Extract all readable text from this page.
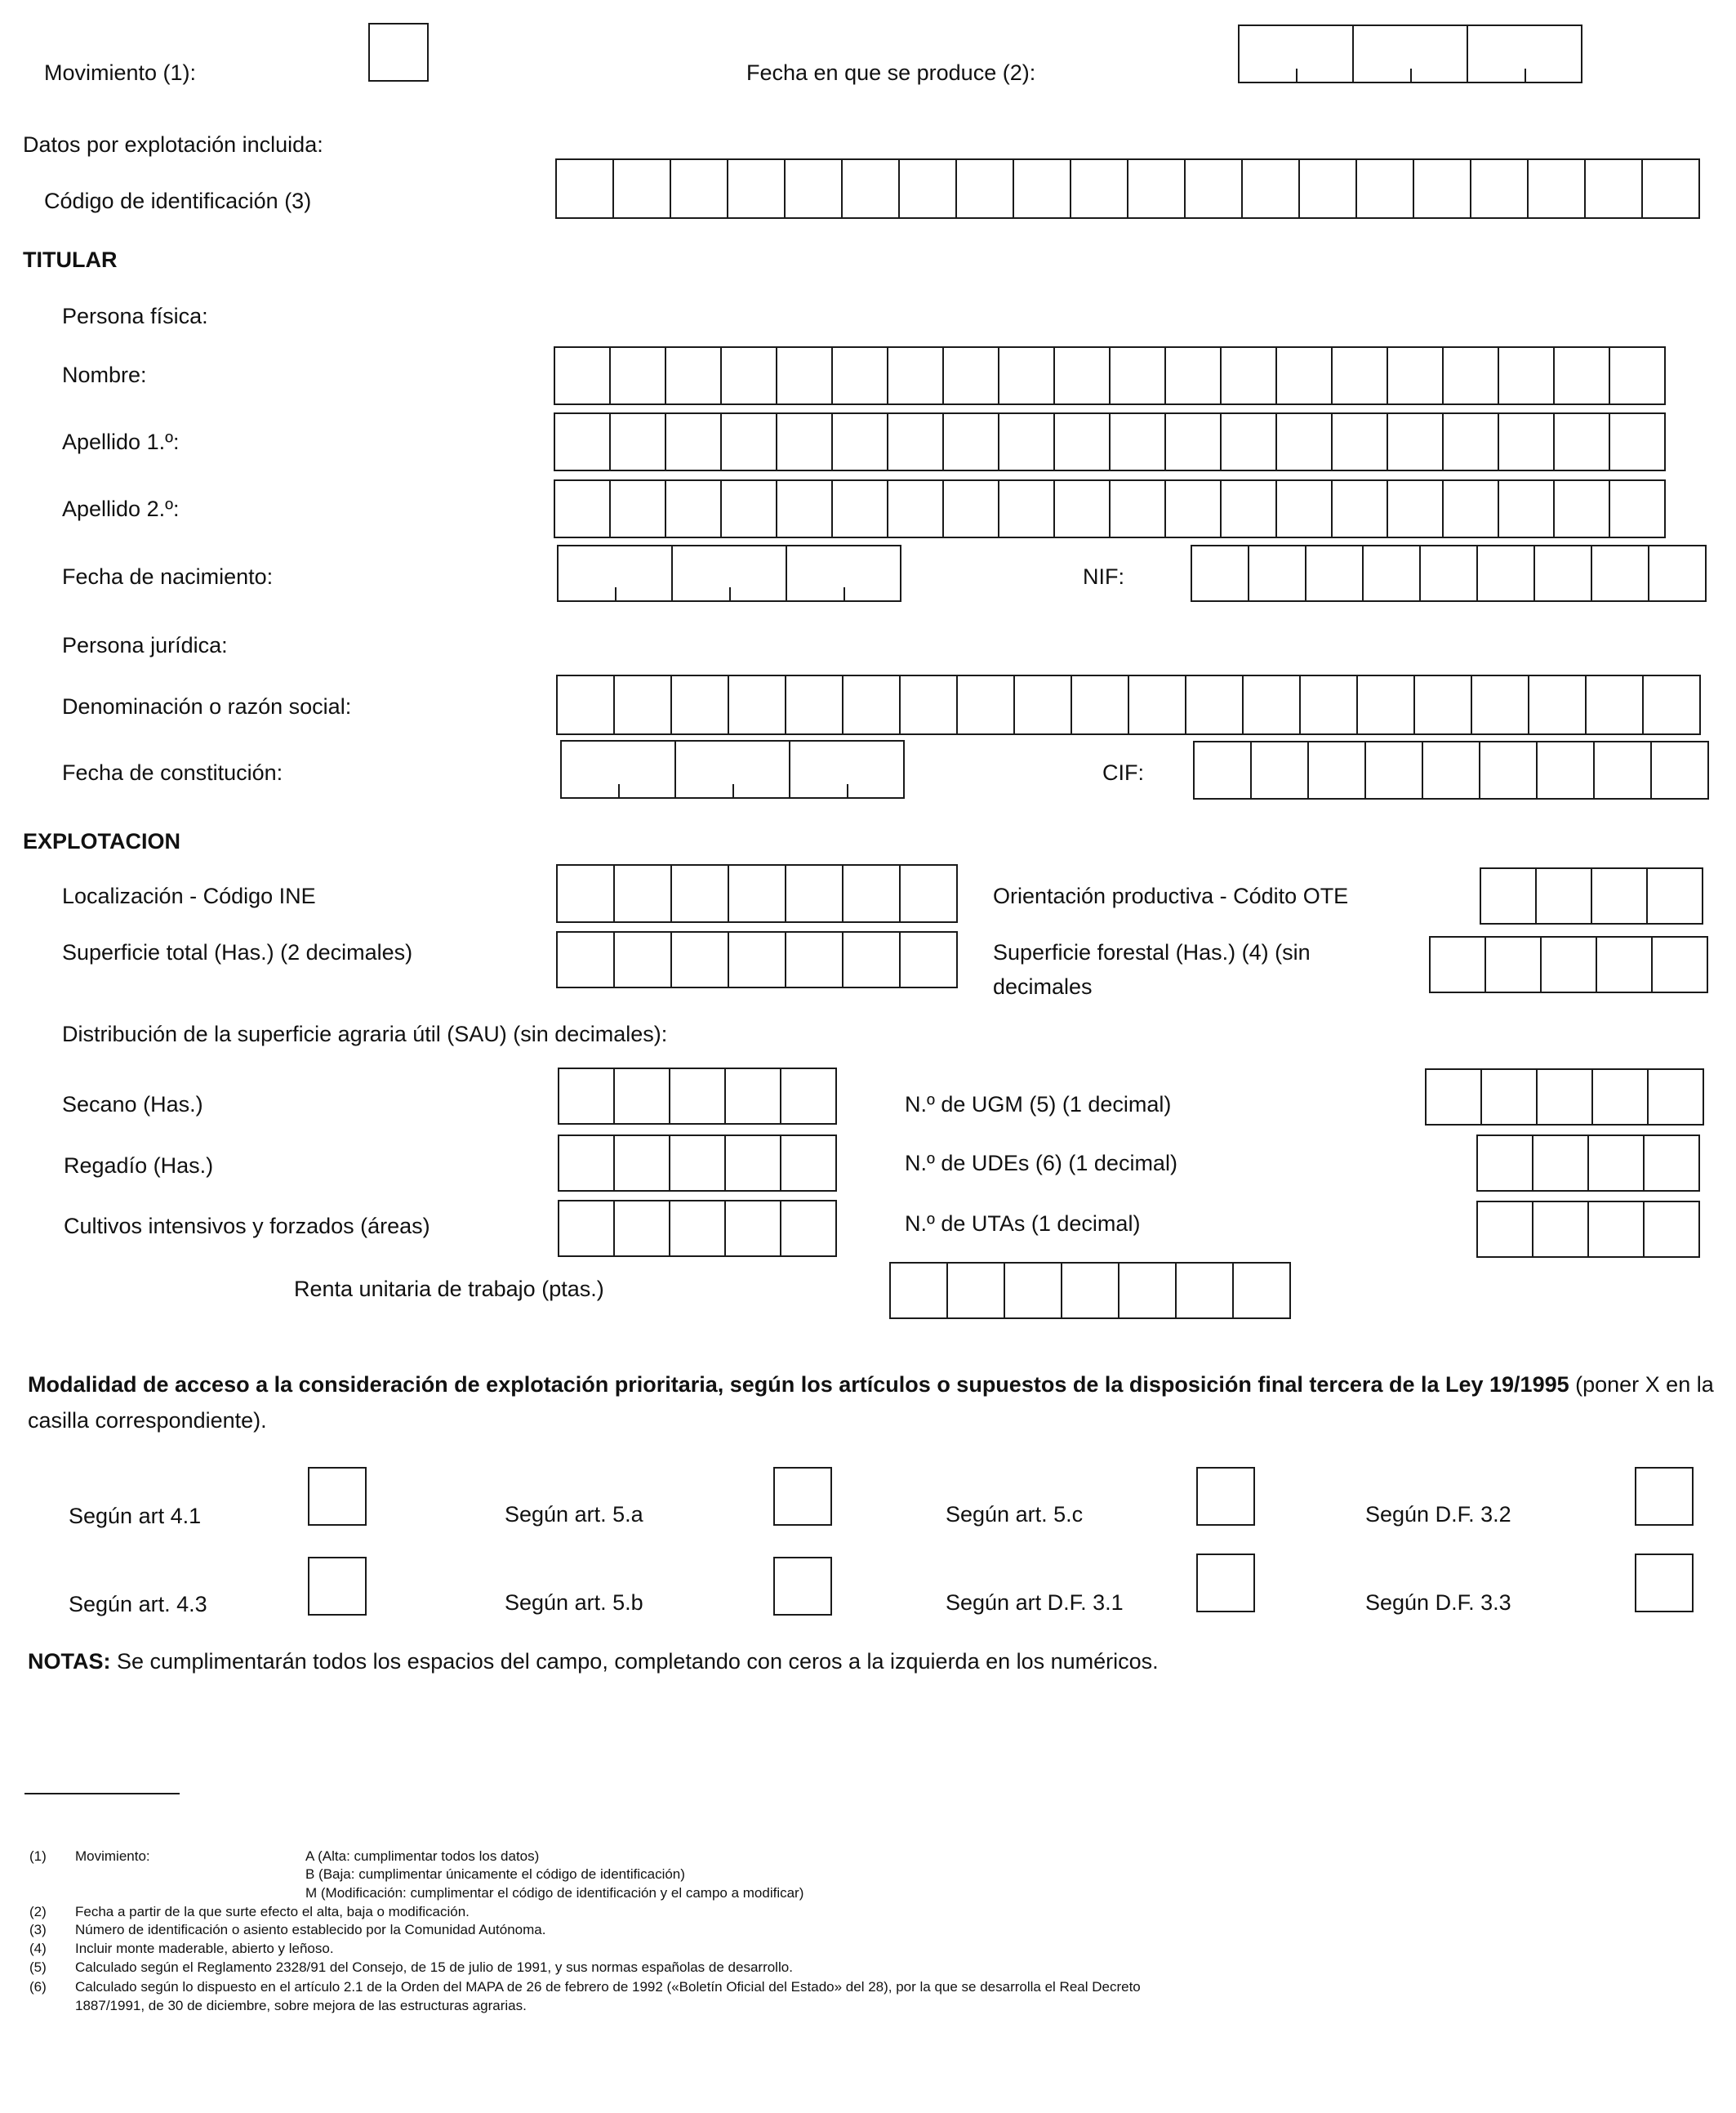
Movimiento (1):	Fecha en que se produce (2):
Datos por explotación incluida:
Código de identificación (3)
TITULAR
Persona física:
Nombre:
Apellido 1.º:
Apellido 2.º:
Fecha de nacimiento:	NIF:
Persona jurídica:
Denominación o razón social:
Fecha de constitución:	CIF:
EXPLOTACION
Localización - Código INE	Orientación productiva - Códito OTE
Superficie total (Has.) (2 decimales)	Superficie forestal (Has.) (4) (sin
decimales
Distribución de la superficie agraria útil (SAU) (sin decimales):
Secano (Has.)	N.º de UGM (5) (1 decimal)
Regadío (Has.)	N.º de UDEs (6) (1 decimal)
Cultivos intensivos y forzados (áreas)	N.º de UTAs (1 decimal)
Renta unitaria de trabajo (ptas.)
Modalidad de acceso a la consideración de explotación prioritaria, según los artículos o supuestos de la disposición final tercera de la Ley 19/1995 (poner X en la casilla correspondiente).
Según art 4.1	Según art. 5.a	Según art. 5.c	Según D.F. 3.2
Según art. 4.3	Según art. 5.b	Según art D.F. 3.1	Según D.F. 3.3
NOTAS: Se cumplimentarán todos los espacios del campo, completando con ceros a la izquierda en los numéricos.
(1) Movimiento:	A (Alta: cumplimentar todos los datos)
B (Baja: cumplimentar únicamente el código de identificación)
M (Modificación: cumplimentar el código de identificación y el campo a modificar)
(2) Fecha a partir de la que surte efecto el alta, baja o modificación.
(3) Número de identificación o asiento establecido por la Comunidad Autónoma.
(4) Incluir monte maderable, abierto y leñoso.
(5) Calculado según el Reglamento 2328/91 del Consejo, de 15 de julio de 1991, y sus normas españolas de desarrollo.
(6) Calculado según lo dispuesto en el artículo 2.1 de la Orden del MAPA de 26 de febrero de 1992 («Boletín Oficial del Estado» del 28), por la que se desarrolla el Real Decreto
1887/1991, de 30 de diciembre, sobre mejora de las estructuras agrarias.
